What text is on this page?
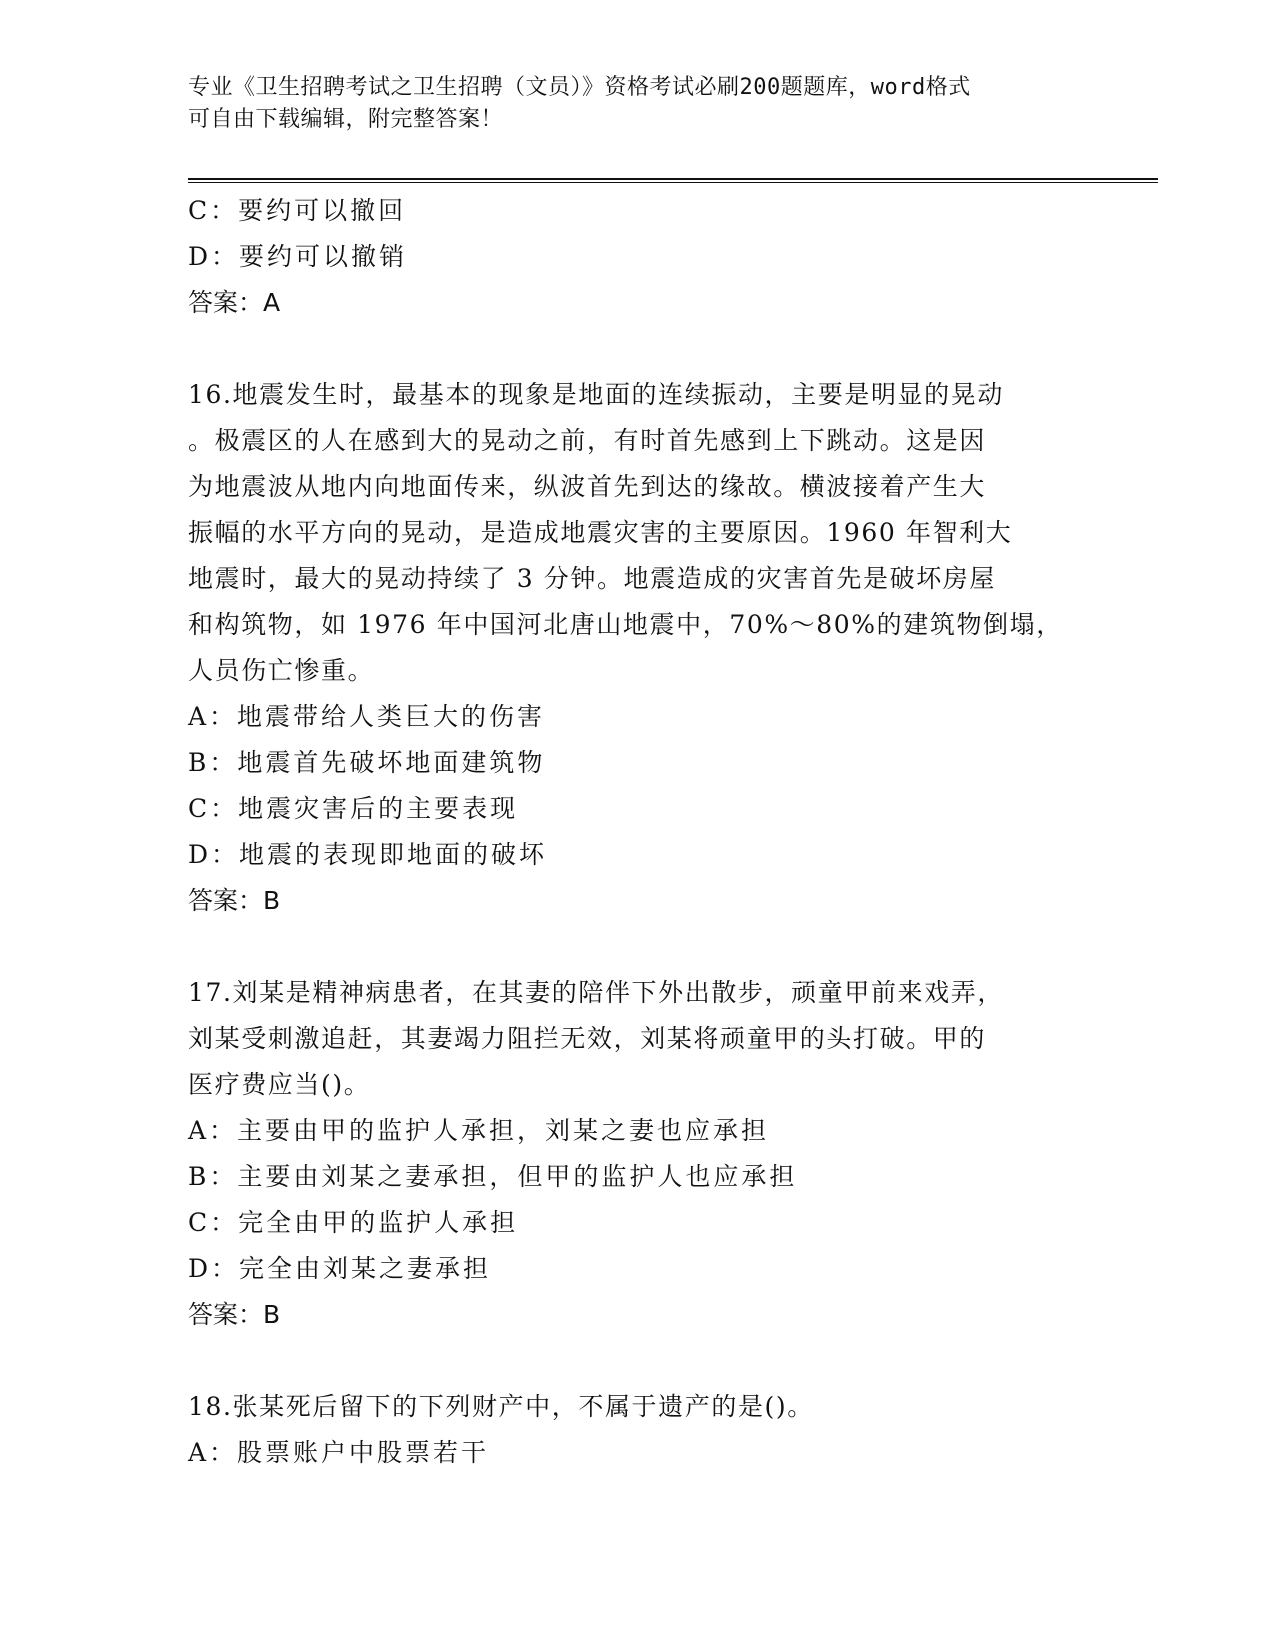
专业《卫生招聘考试之卫生招聘（文员）》资格考试必刷200题题库，word格式
可自由下载编辑，附完整答案！
C：要约可以撤回
D：要约可以撤销
答案：A
16.地震发生时，最基本的现象是地面的连续振动，主要是明显的晃动
。极震区的人在感到大的晃动之前，有时首先感到上下跳动。这是因
为地震波从地内向地面传来，纵波首先到达的缘故。横波接着产生大
振幅的水平方向的晃动，是造成地震灾害的主要原因。1960 年智利大
地震时，最大的晃动持续了 3 分钟。地震造成的灾害首先是破坏房屋
和构筑物，如 1976 年中国河北唐山地震中，70%～80%的建筑物倒塌，
人员伤亡惨重。
A：地震带给人类巨大的伤害
B：地震首先破坏地面建筑物
C：地震灾害后的主要表现
D：地震的表现即地面的破坏
答案：B
17.刘某是精神病患者，在其妻的陪伴下外出散步，顽童甲前来戏弄，
刘某受刺激追赶，其妻竭力阻拦无效，刘某将顽童甲的头打破。甲的
医疗费应当()。
A：主要由甲的监护人承担，刘某之妻也应承担
B：主要由刘某之妻承担，但甲的监护人也应承担
C：完全由甲的监护人承担
D：完全由刘某之妻承担
答案：B
18.张某死后留下的下列财产中，不属于遗产的是()。
A：股票账户中股票若干
